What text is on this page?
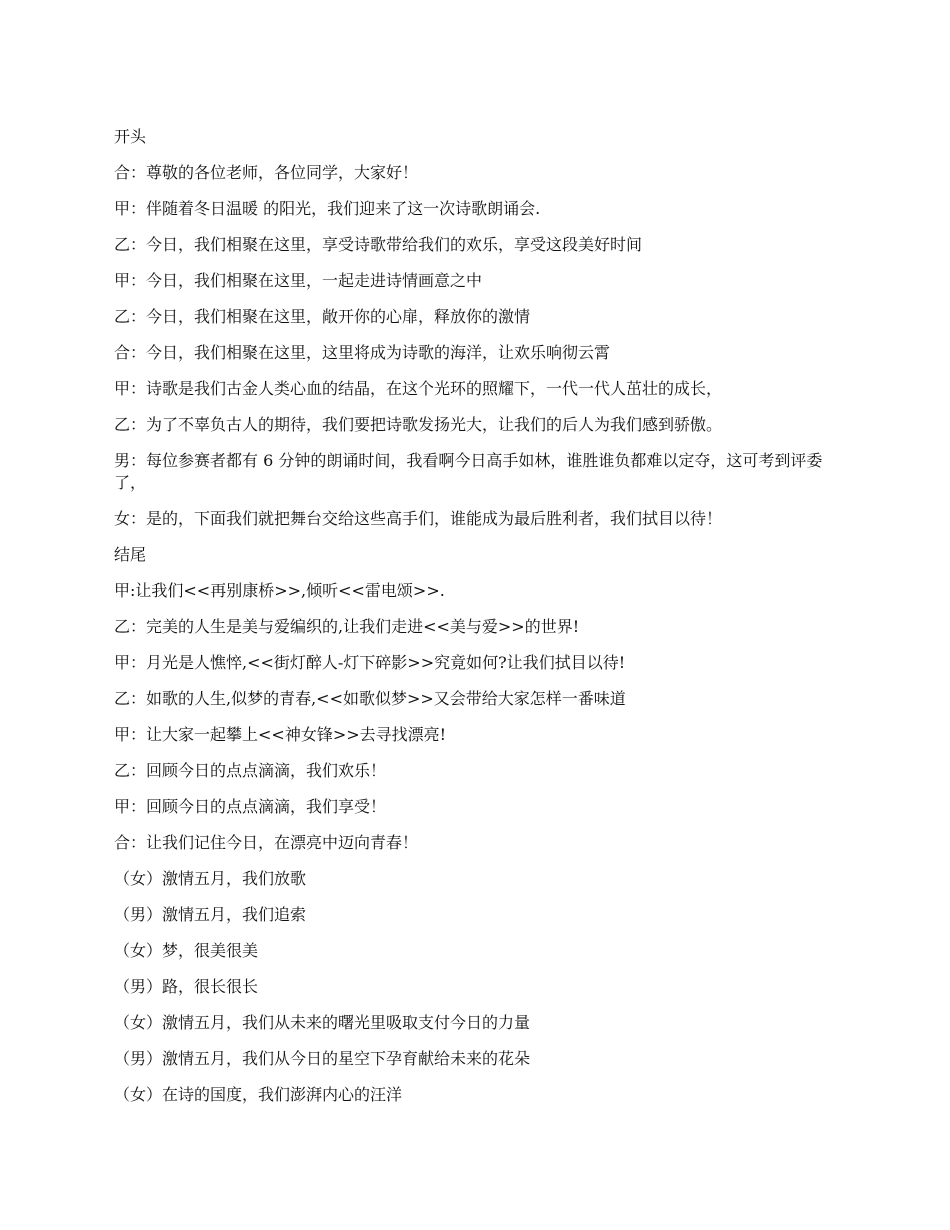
开头
合：尊敬的各位老师，各位同学，大家好！
甲：伴随着冬日温暖 的阳光，我们迎来了这一次诗歌朗诵会.
乙：今日，我们相聚在这里，享受诗歌带给我们的欢乐，享受这段美好时间
甲：今日，我们相聚在这里，一起走进诗情画意之中
乙：今日，我们相聚在这里，敞开你的心扉，释放你的激情
合：今日，我们相聚在这里，这里将成为诗歌的海洋，让欢乐响彻云霄
甲：诗歌是我们古金人类心血的结晶，在这个光环的照耀下，一代一代人茁壮的成长，
乙：为了不辜负古人的期待，我们要把诗歌发扬光大，让我们的后人为我们感到骄傲。
男：每位参赛者都有 6 分钟的朗诵时间，我看啊今日高手如林，谁胜谁负都难以定夺，这可考到评委了，
女：是的，下面我们就把舞台交给这些高手们，谁能成为最后胜利者，我们拭目以待！
结尾
甲:让我们<<再别康桥>>,倾听<<雷电颂>>.
乙：完美的人生是美与爱编织的,让我们走进<<美与爱>>的世界!
甲：月光是人憔悴,<<街灯醉人-灯下碎影>>究竟如何?让我们拭目以待!
乙：如歌的人生,似梦的青春,<<如歌似梦>>又会带给大家怎样一番味道
甲：让大家一起攀上<<神女锋>>去寻找漂亮!
乙：回顾今日的点点滴滴，我们欢乐！
甲：回顾今日的点点滴滴，我们享受！
合：让我们记住今日，在漂亮中迈向青春！
（女）激情五月，我们放歌
（男）激情五月，我们追索
（女）梦，很美很美
（男）路，很长很长
（女）激情五月，我们从未来的曙光里吸取支付今日的力量
（男）激情五月，我们从今日的星空下孕育献给未来的花朵
（女）在诗的国度，我们澎湃内心的汪洋
